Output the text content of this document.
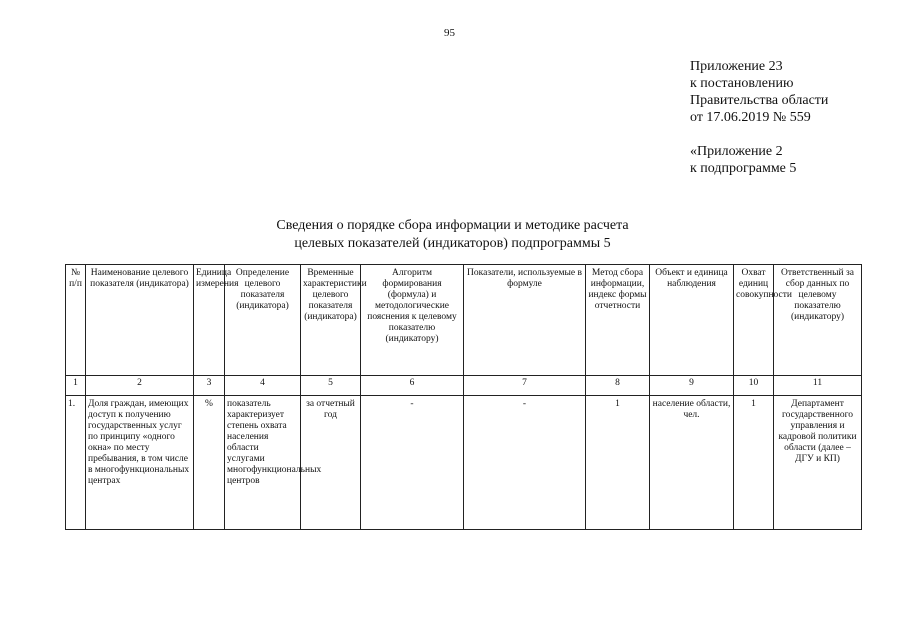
95
Приложение 23
к постановлению
Правительства области
от 17.06.2019 № 559
«Приложение 2
к подпрограмме 5
Сведения о порядке сбора информации и методике расчета
целевых показателей (индикаторов) подпрограммы 5
№ п/п	Наименование целевого показателя (индикатора)	Единица измерения	Определение целевого показателя (индикатора)	Временные характеристики целевого показателя (индикатора)	Алгоритм формирования (формула) и методологические пояснения к целевому показателю (индикатору)	Показатели, используемые в формуле	Метод сбора информации, индекс формы отчетности	Объект и единица наблюдения	Охват единиц совокупности	Ответственный за сбор данных по целевому показателю (индикатору)
1	2	3	4	5	6	7	8	9	10	11
1.	Доля граждан, имеющих доступ к получению государственных услуг по принципу «одного окна» по месту пребывания, в том числе в многофункциональных центрах	%	показатель характеризует степень охвата населения области услугами многофункциональных центров	за отчетный год	-	-	1	население области, чел.	1	Департамент государственного управления и кадровой политики области (далее – ДГУ и КП)
